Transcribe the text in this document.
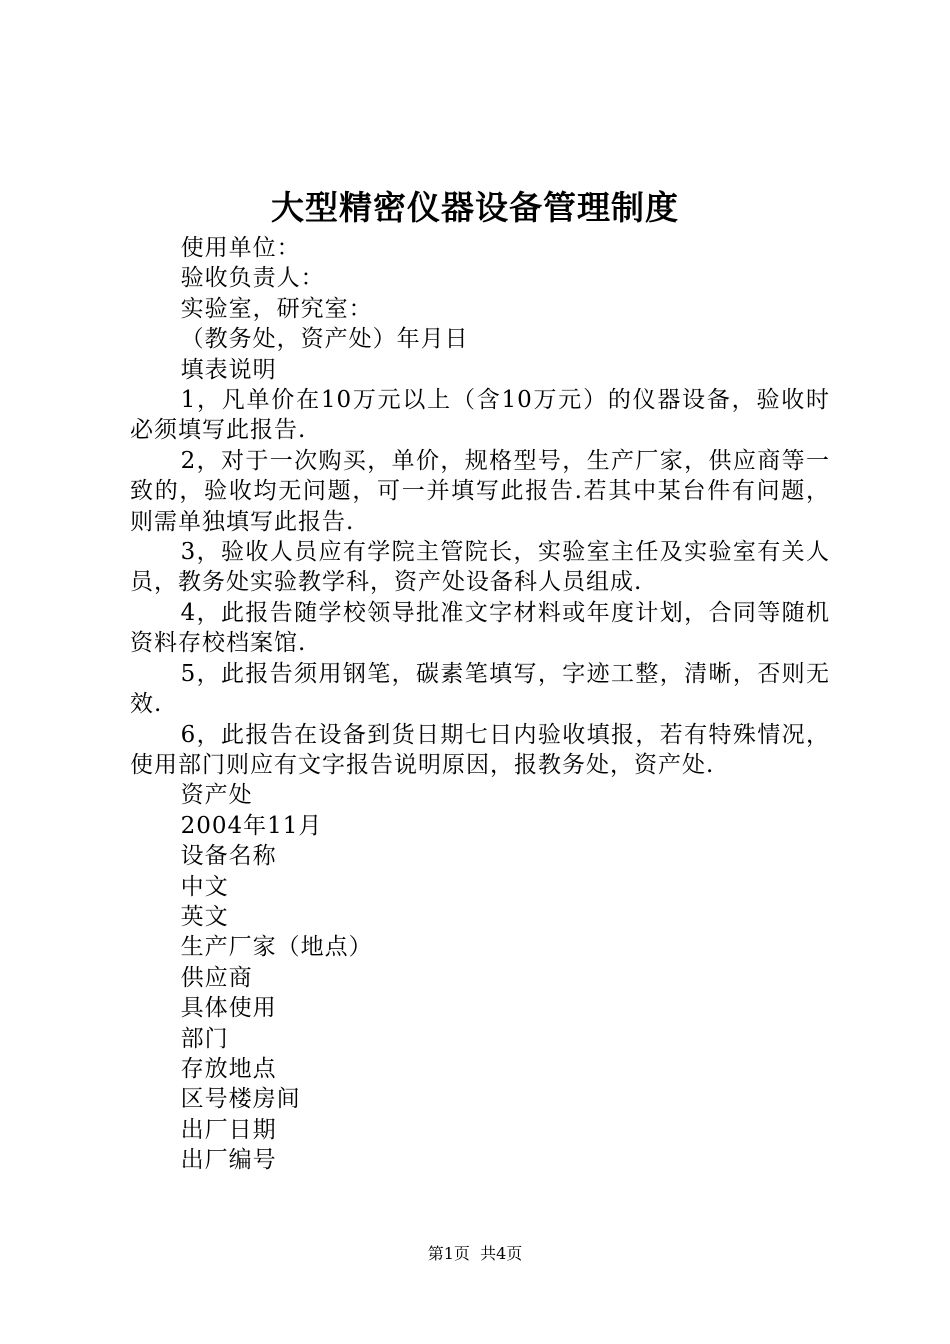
大型精密仪器设备管理制度

使用单位：

验收负责人：

实验室，研究室：

（教务处，资产处）年月日

填表说明

1，凡单价在10万元以上（含10万元）的仪器设备，验收时必须填写此报告.

2，对于一次购买，单价，规格型号，生产厂家，供应商等一致的，验收均无问题，可一并填写此报告.若其中某台件有问题，则需单独填写此报告.

3，验收人员应有学院主管院长，实验室主任及实验室有关人员，教务处实验教学科，资产处设备科人员组成.

4，此报告随学校领导批准文字材料或年度计划，合同等随机资料存校档案馆.

5，此报告须用钢笔，碳素笔填写，字迹工整，清晰，否则无效.

6，此报告在设备到货日期七日内验收填报，若有特殊情况，使用部门则应有文字报告说明原因，报教务处，资产处.

资产处

2004年11月

设备名称

中文

英文

生产厂家（地点）

供应商

具体使用

部门

存放地点

区号楼房间

出厂日期

出厂编号

第1页 共4页
